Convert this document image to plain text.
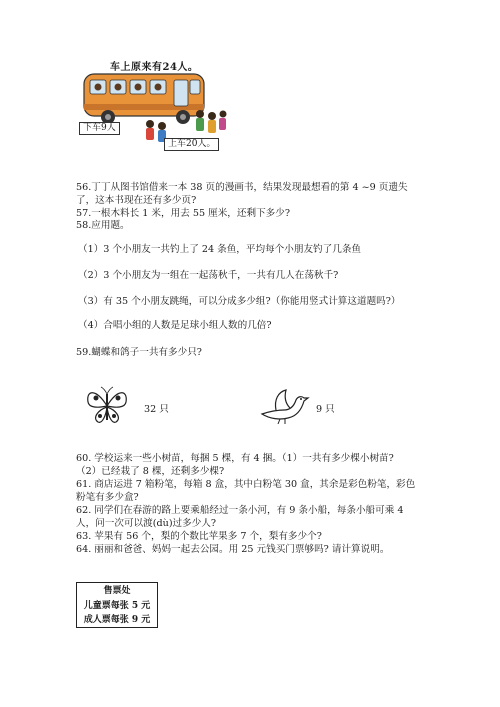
车上原来有24人。
下车9人
上车20人。
56.丁丁从图书馆借来一本 38 页的漫画书，结果发现最想看的第 4 ~9 页遗失
了，这本书现在还有多少页?
57.一根木料长 1 米，用去 55 厘米，还剩下多少?
58.应用题。
（1）3 个小朋友一共钓上了 24 条鱼，平均每个小朋友钓了几条鱼
（2）3 个小朋友为一组在一起荡秋千，一共有几人在荡秋千?
（3）有 35 个小朋友跳绳，可以分成多少组?（你能用竖式计算这道题吗?）
（4）合唱小组的人数是足球小组人数的几倍?
59.蝴蝶和鸽子一共有多少只?
32 只	9 只
60. 学校运来一些小树苗，每捆 5 棵，有 4 捆。（1）一共有多少棵小树苗?
（2）已经栽了 8 棵，还剩多少棵?
61. 商店运进 7 箱粉笔，每箱 8 盒，其中白粉笔 30 盒，其余是彩色粉笔，彩色
粉笔有多少盒?
62. 同学们在春游的路上要乘船经过一条小河，有 9 条小船，每条小船可乘 4
人，问一次可以渡(dù)过多少人?
63. 苹果有 56 个，梨的个数比苹果多 7 个，梨有多少个?
64. 丽丽和爸爸、妈妈一起去公园。用 25 元钱买门票够吗? 请计算说明。
售票处
儿童票每张 5 元
成人票每张 9 元
